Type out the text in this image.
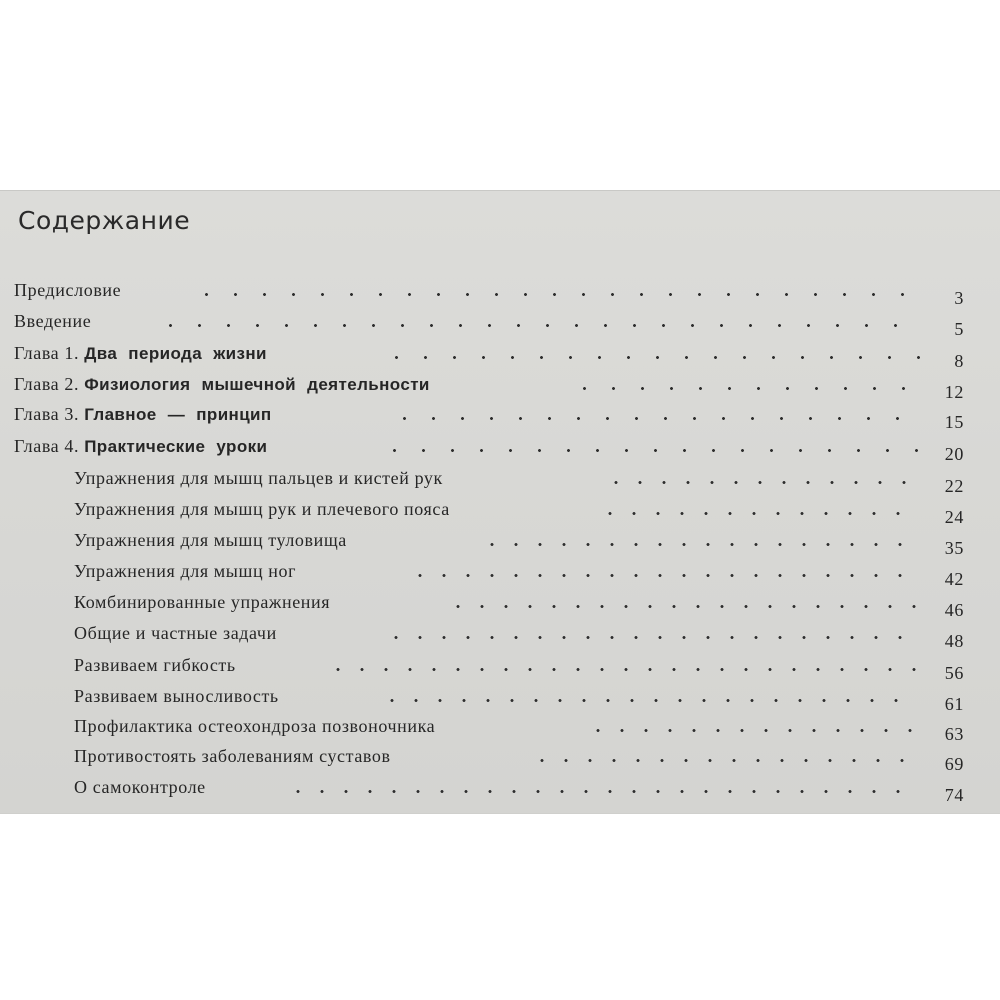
Содержание
Предисловие	3
Введение	5
Глава 1. Два периода жизни	8
Глава 2. Физиология мышечной деятельности	12
Глава 3. Главное — принцип	15
Глава 4. Практические уроки	20
Упражнения для мышц пальцев и кистей рук	22
Упражнения для мышц рук и плечевого пояса	24
Упражнения для мышц туловища	35
Упражнения для мышц ног	42
Комбинированные упражнения	46
Общие и частные задачи	48
Развиваем гибкость	56
Развиваем выносливость	61
Профилактика остеохондроза позвоночника	63
Противостоять заболеваниям суставов	69
О самоконтроле	74
